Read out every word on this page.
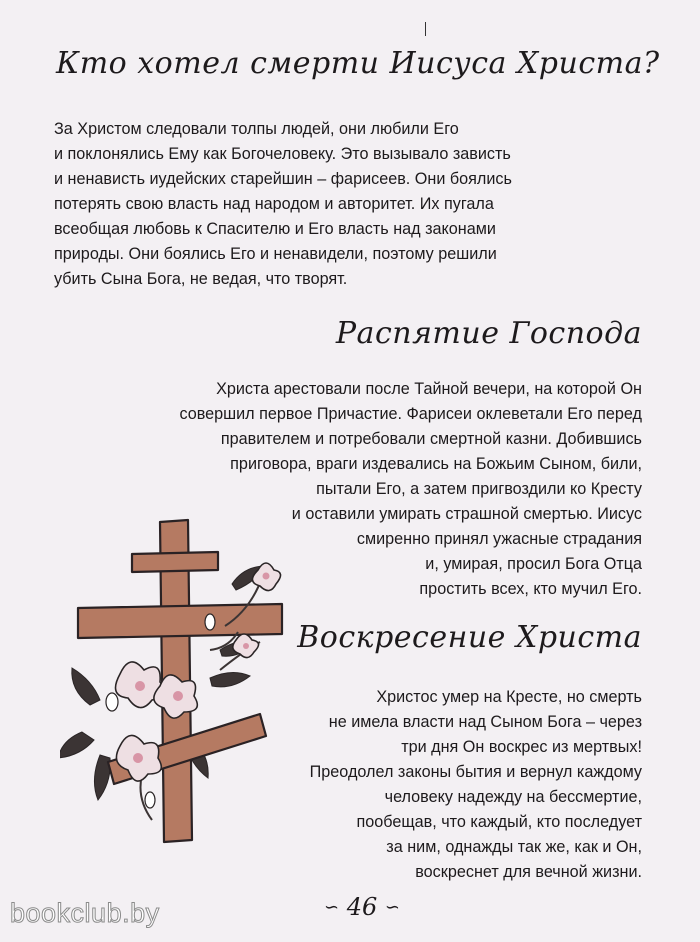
Кто хотел смерти Иисуса Христа?
За Христом следовали толпы людей, они любили Его
и поклонялись Ему как Богочеловеку. Это вызывало зависть
и ненависть иудейских старейшин – фарисеев. Они боялись
потерять свою власть над народом и авторитет. Их пугала
всеобщая любовь к Спасителю и Его власть над законами
природы. Они боялись Его и ненавидели, поэтому решили
убить Сына Бога, не ведая, что творят.
Распятие Господа
Христа арестовали после Тайной вечери, на которой Он
совершил первое Причастие. Фарисеи оклеветали Его перед
правителем и потребовали смертной казни. Добившись
приговора, враги издевались на Божьим Сыном, били,
пытали Его, а затем пригвоздили ко Кресту
и оставили умирать страшной смертью. Иисус
смиренно принял ужасные страдания
и, умирая, просил Бога Отца
простить всех, кто мучил Его.
Воскресение Христа
Христос умер на Кресте, но смерть
не имела власти над Сыном Бога – через
три дня Он воскрес из мертвых!
Преодолел законы бытия и вернул каждому
человеку надежду на бессмертие,
пообещав, что каждый, кто последует
за ним, однажды так же, как и Он,
воскреснет для вечной жизни.
∽ 46 ∽
bookclub.by
